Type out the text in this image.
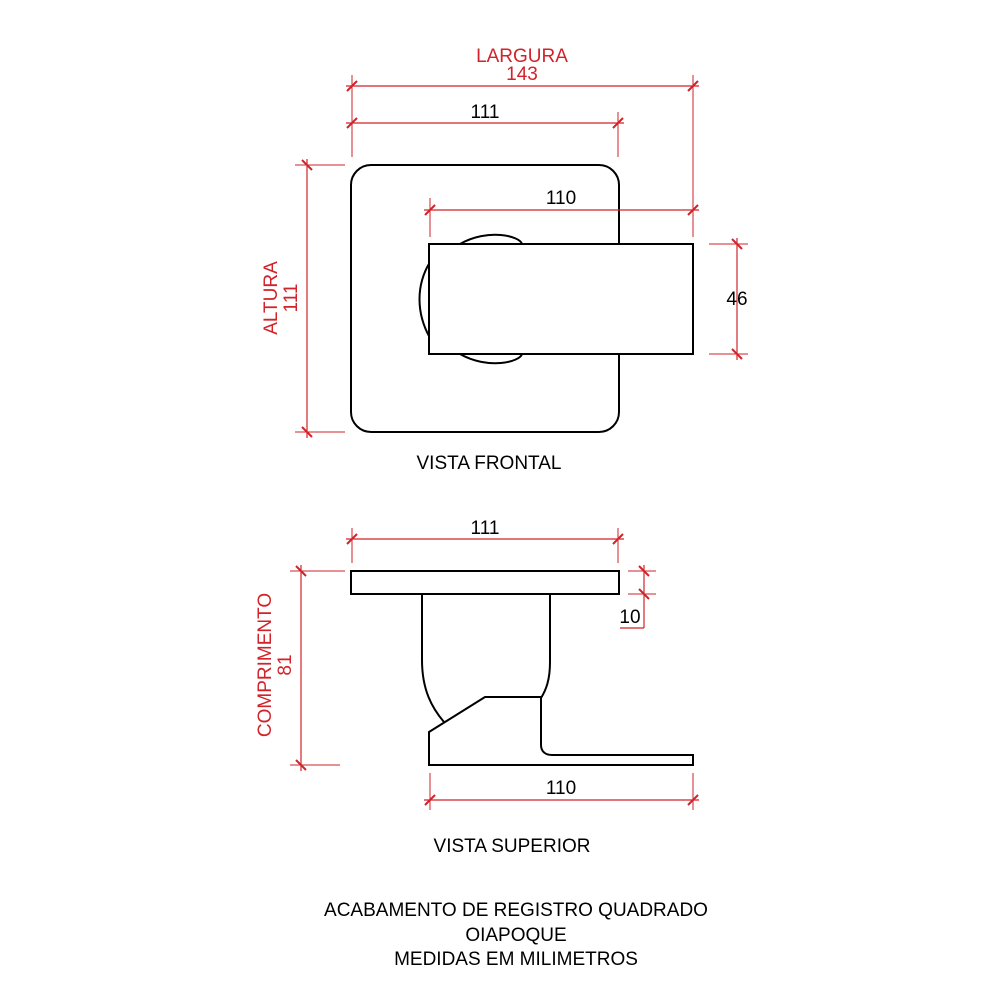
LARGURA
143
111
110
46
ALTURA 111
VISTA FRONTAL
111
10
110
COMPRIMENTO 81
VISTA SUPERIOR
ACABAMENTO DE REGISTRO QUADRADO
OIAPOQUE
MEDIDAS EM MILIMETROS
